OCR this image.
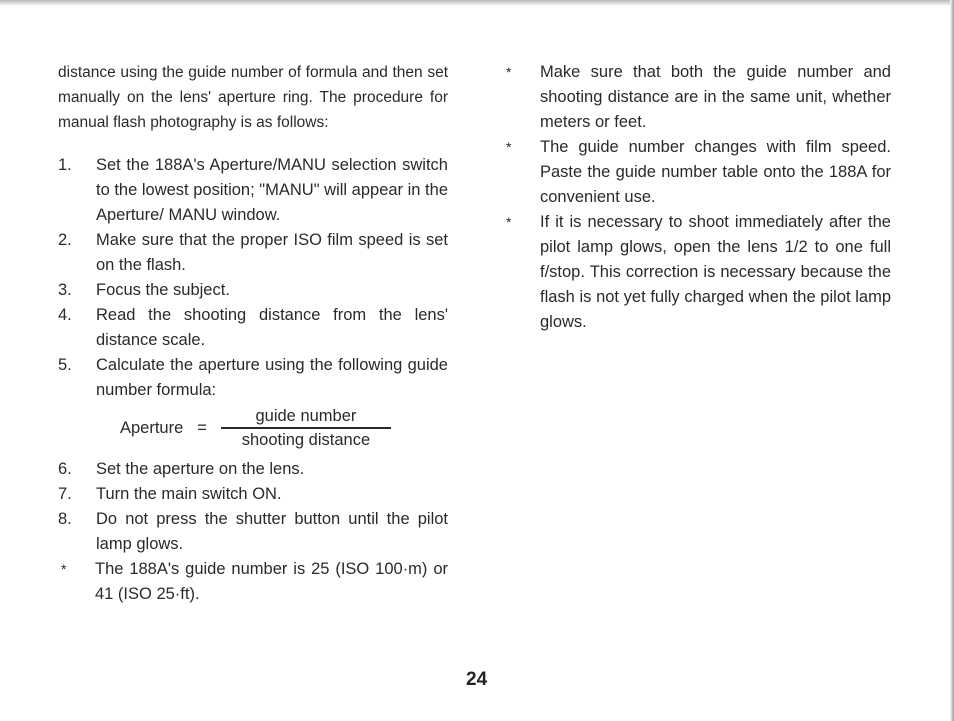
distance using the guide number of formula and then set manually on the lens' aperture ring. The procedure for manual flash photography is as follows:

1.	Set the 188A's Aperture/MANU selection switch to the lowest position; "MANU" will appear in the Aperture/ MANU window.
2.	Make sure that the proper ISO film speed is set on the flash.
3.	Focus the subject.
4.	Read the shooting distance from the lens' distance scale.
5.	Calculate the aperture using the following guide number formula:
Aperture = $\frac{\text{guide number}}{\text{shooting distance}}$
6.	Set the aperture on the lens.
7.	Turn the main switch ON.
8.	Do not press the shutter button until the pilot lamp glows.
*	The 188A's guide number is 25 (ISO 100·m) or 41 (ISO 25·ft).
*	Make sure that both the guide number and shooting distance are in the same unit, whether meters or feet.
*	The guide number changes with film speed. Paste the guide number table onto the 188A for convenient use.
*	If it is necessary to shoot immediately after the pilot lamp glows, open the lens 1/2 to one full f/stop. This correction is necessary because the flash is not yet fully charged when the pilot lamp glows.
24
